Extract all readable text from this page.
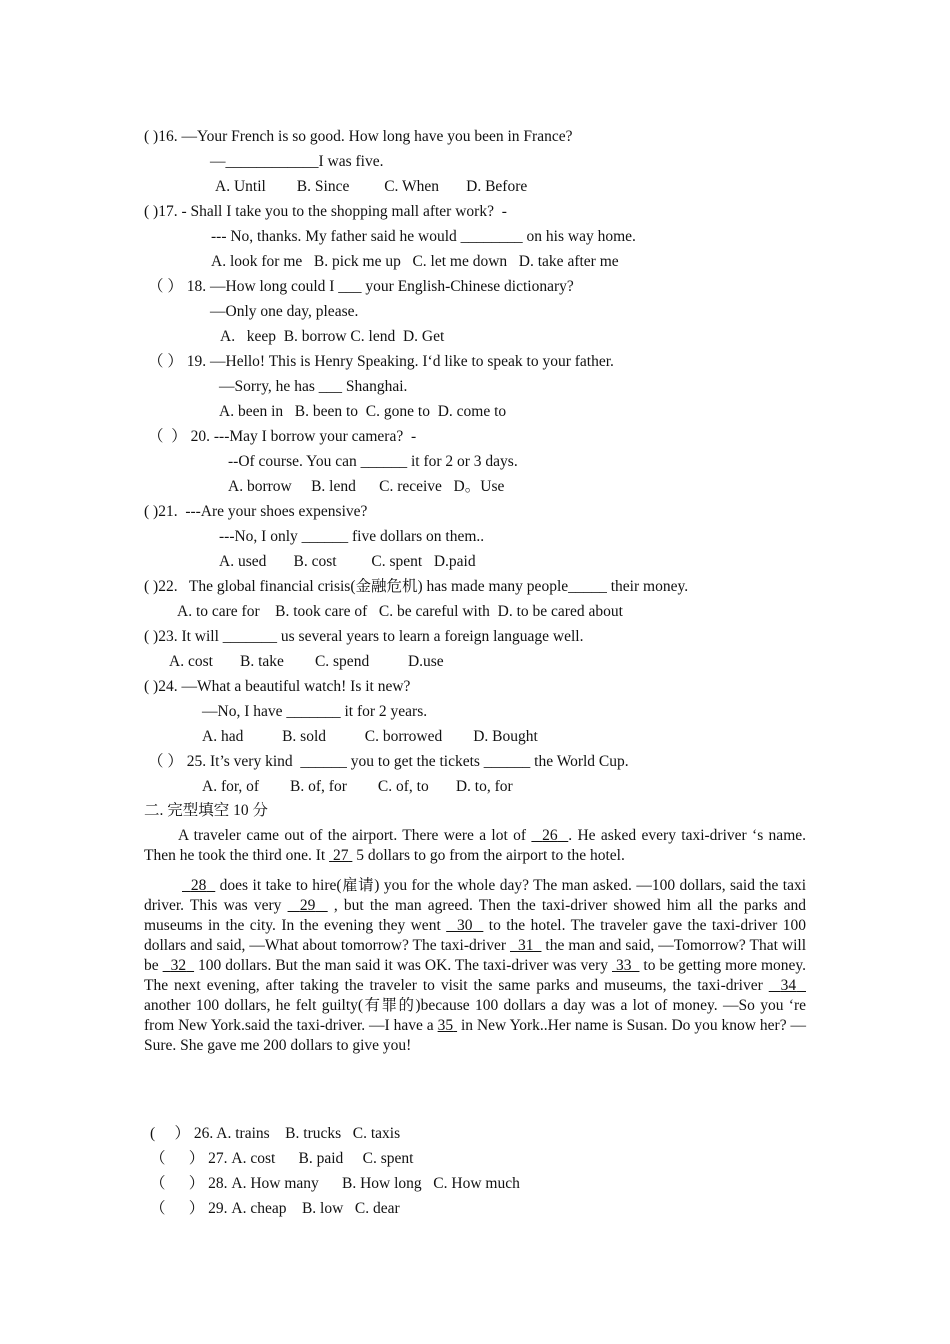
( )16. —Your French is so good. How long have you been in France?
—____________I was five.
A. Until        B. Since         C. When       D. Before
( )17. - Shall I take you to the shopping mall after work?  -
--- No, thanks. My father said he would ________ on his way home.
A. look for me   B. pick me up   C. let me down   D. take after me
（ ） 18. —How long could I ___ your English-Chinese dictionary?
—Only one day, please.
A.   keep  B. borrow C. lend  D. Get
（ ） 19. —Hello! This is Henry Speaking. I‘d like to speak to your father.
—Sorry, he has ___ Shanghai.
A. been in   B. been to  C. gone to  D. come to
（  ） 20. ---May I borrow your camera?  -
--Of course. You can ______ it for 2 or 3 days.
A. borrow     B. lend      C. receive   D。Use
( )21.  ---Are your shoes expensive?
---No, I only ______ five dollars on them..
A. used       B. cost         C. spent   D.paid
( )22.   The global financial crisis(金融危机) has made many people_____ their money.
A. to care for    B. took care of   C. be careful with  D. to be cared about
( )23. It will _______ us several years to learn a foreign language well.
A. cost       B. take        C. spend          D.use
( )24. —What a beautiful watch! Is it new?
—No, I have _______ it for 2 years.
A. had          B. sold          C. borrowed        D. Bought
（ ） 25. It’s very kind  ______ you to get the tickets ______ the World Cup.
A. for, of        B. of, for        C. of, to       D. to, for
二. 完型填空 10 分
A traveler came out of the airport. There were a lot of   26 . He asked every taxi-driver ‘s name. Then he took the third one. It  27  5 dollars to go from the airport to the hotel.
28   does it take to hire(雇请) you for the whole day? The man asked. —100 dollars, said the taxi driver. This was very   29   , but the man agreed. Then the taxi-driver showed him all the parks and museums in the city. In the evening they went   30   to the hotel. The traveler gave the taxi-driver 100 dollars and said, —What about tomorrow? The taxi-driver   31   the man and said, —Tomorrow? That will be   32   100 dollars. But the man said it was OK. The taxi-driver was very  33   to be getting more money. The next evening, after taking the traveler to visit the same parks and museums, the taxi-driver   34   another 100 dollars, he felt guilty(有罪的)because 100 dollars a day was a lot of money. —So you ‘re from New York.said the taxi-driver. —I have a 35  in New York..Her name is Susan. Do you know her? —Sure. She gave me 200 dollars to give you!
(     ） 26. A. trains    B. trucks   C. taxis
（      ） 27. A. cost      B. paid     C. spent
（      ） 28. A. How many      B. How long   C. How much
（      ） 29. A. cheap    B. low   C. dear
